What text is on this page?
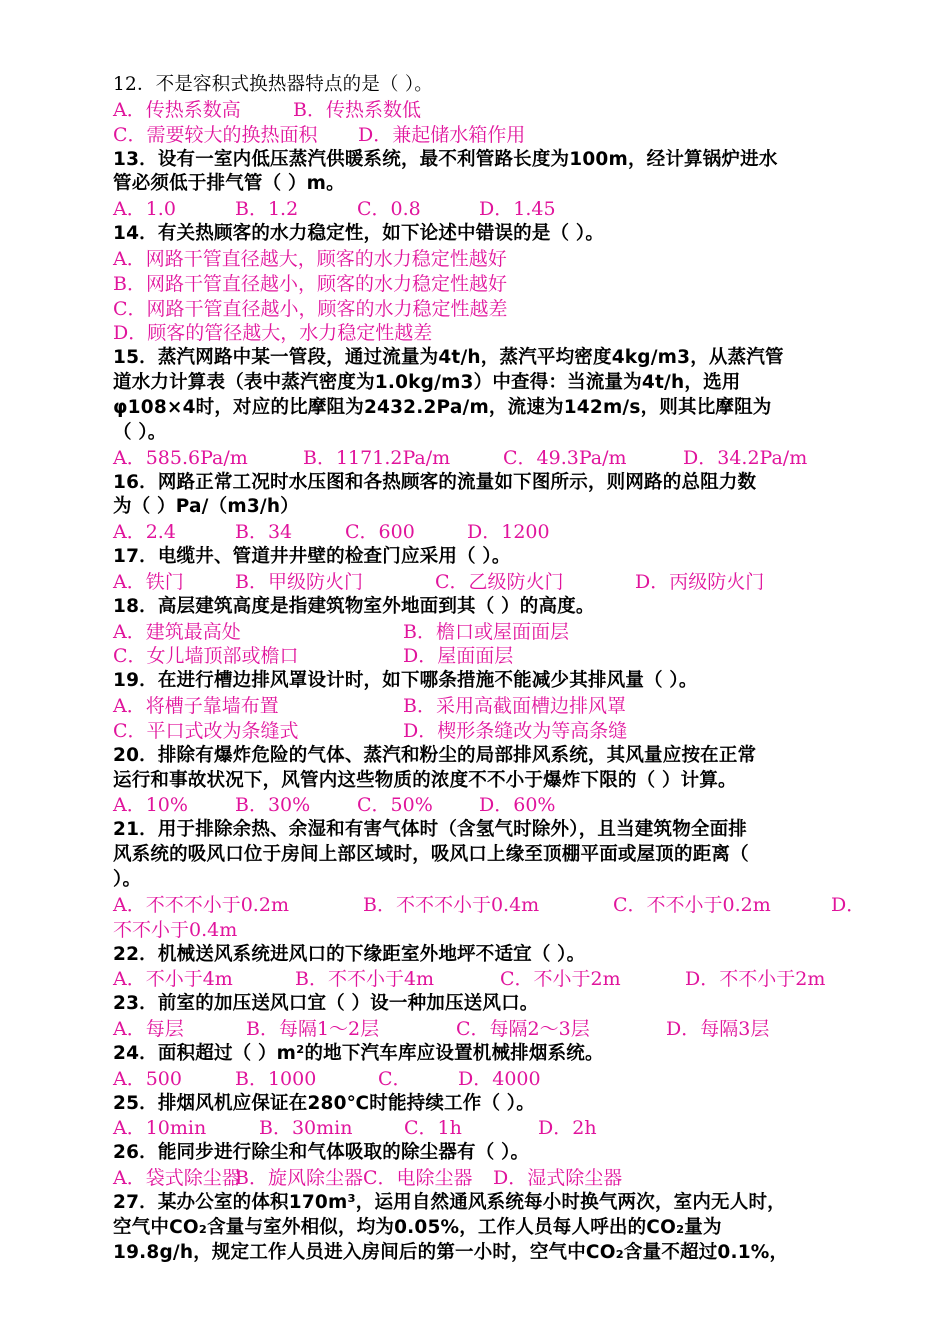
12．不是容积式换热器特点的是（ ）。
A．传热系数高	B．传热系数低
C．需要较大的换热面积 D．兼起储水箱作用
13．设有一室内低压蒸汽供暖系统，最不利管路长度为100m，经计算锅炉进水
管必须低于排气管（ ）m。
A．1.0	B．1.2	C．0.8	D．1.45
14．有关热顾客的水力稳定性，如下论述中错误的是（ ）。
A．网路干管直径越大，顾客的水力稳定性越好
B．网路干管直径越小，顾客的水力稳定性越好
C．网路干管直径越小，顾客的水力稳定性越差
D．顾客的管径越大，水力稳定性越差
15．蒸汽网路中某一管段，通过流量为4t/h，蒸汽平均密度4kg/m3，从蒸汽管
道水力计算表（表中蒸汽密度为1.0kg/m3）中查得：当流量为4t/h，选用
φ108×4时，对应的比摩阻为2432.2Pa/m，流速为142m/s，则其比摩阻为
（ ）。
A．585.6Pa/m	B．1171.2Pa/m	C．49.3Pa/m	D．34.2Pa/m
16．网路正常工况时水压图和各热顾客的流量如下图所示，则网路的总阻力数
为（ ）Pa/（m3/h）
A．2.4	B．34	C．600	D．1200
17．电缆井、管道井井壁的检查门应采用（ ）。
A．铁门	B．甲级防火门	C．乙级防火门	D．丙级防火门
18．高层建筑高度是指建筑物室外地面到其（ ）的高度。
A．建筑最高处	B．檐口或屋面面层
C．女儿墙顶部或檐口	D．屋面面层
19．在进行槽边排风罩设计时，如下哪条措施不能减少其排风量（ ）。
A．将槽子靠墙布置	B．采用高截面槽边排风罩
C．平口式改为条缝式	D．楔形条缝改为等高条缝
20．排除有爆炸危险的气体、蒸汽和粉尘的局部排风系统，其风量应按在正常
运行和事故状况下，风管内这些物质的浓度不不小于爆炸下限的（ ）计算。
A．10% B．30% C．50% D．60%
21．用于排除余热、余湿和有害气体时（含氢气时除外），且当建筑物全面排
风系统的吸风口位于房间上部区域时，吸风口上缘至顶棚平面或屋顶的距离（
）。
A．不不不小于0.2m	B．不不不小于0.4m	C．不不小于0.2m	D．
不不小于0.4m
22．机械送风系统进风口的下缘距室外地坪不适宜（ ）。
A．不小于4m	B．不不小于4m	C．不小于2m	D．不不小于2m
23．前室的加压送风口宜（ ）设一种加压送风口。
A．每层	B．每隔1～2层	C．每隔2～3层	D．每隔3层
24．面积超过（ ）m²的地下汽车库应设置机械排烟系统。
A．500	B．1000	C． D．4000
25．排烟风机应保证在280℃时能持续工作（ ）。
A．10min	B．30min	C．1h	D．2h
26．能同步进行除尘和气体吸取的除尘器有（ ）。
A．袋式除尘器B．旋风除尘器C．电除尘器 D．湿式除尘器
27．某办公室的体积170m³，运用自然通风系统每小时换气两次，室内无人时，
空气中CO₂含量与室外相似，均为0.05%，工作人员每人呼出的CO₂量为
19.8g/h，规定工作人员进入房间后的第一小时，空气中CO₂含量不超过0.1%，
